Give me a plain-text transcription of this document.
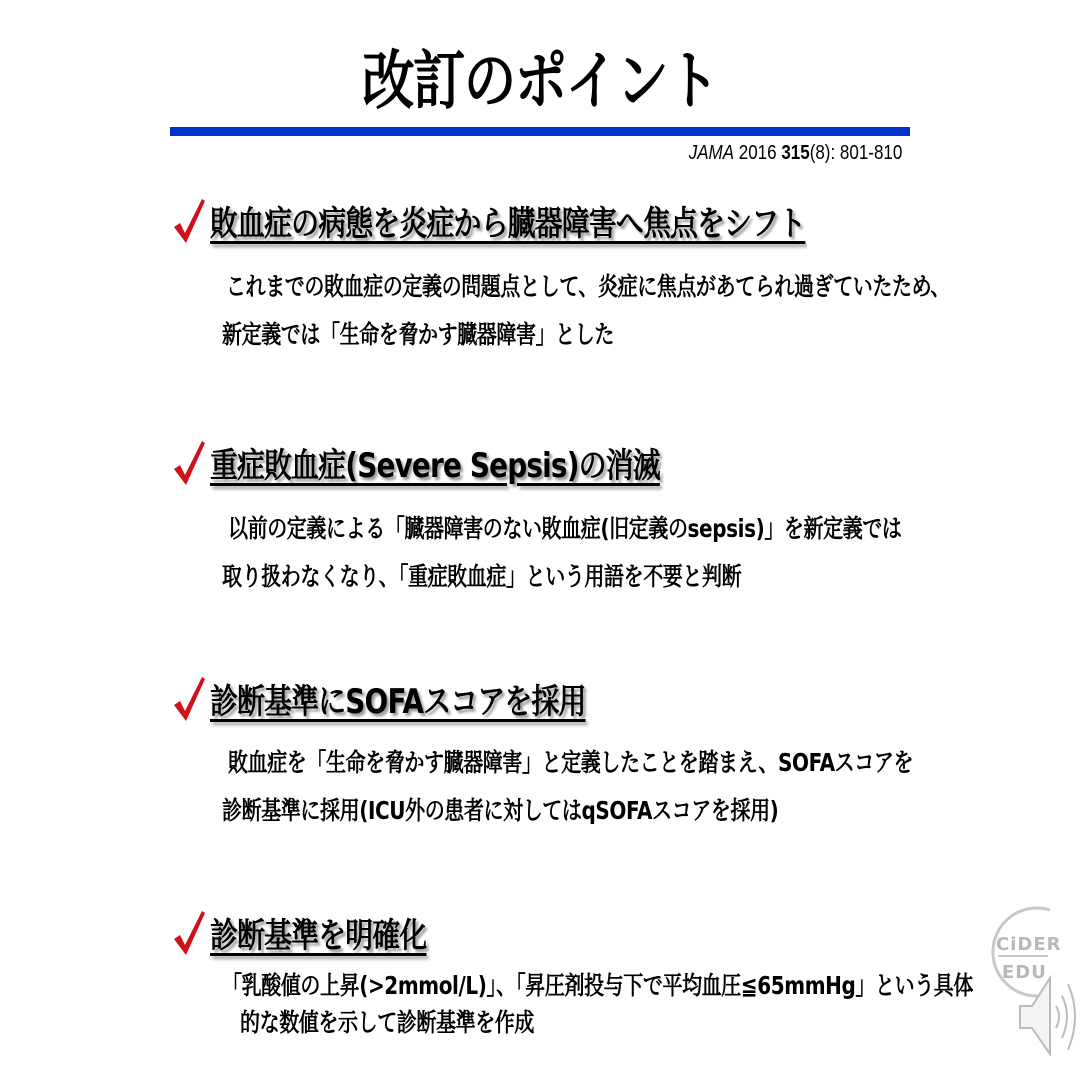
改訂のポイント
JAMA 2016 315(8): 801-810
敗血症の病態を炎症から臓器障害へ焦点をシフト
これまでの敗血症の定義の問題点として、炎症に焦点があてられ過ぎていたため、
新定義では「生命を脅かす臓器障害」とした
重症敗血症(Severe Sepsis)の消滅
以前の定義による「臓器障害のない敗血症(旧定義のsepsis)」を新定義では
取り扱わなくなり、「重症敗血症」という用語を不要と判断
診断基準にSOFAスコアを採用
敗血症を「生命を脅かす臓器障害」と定義したことを踏まえ、SOFAスコアを
診断基準に採用(ICU外の患者に対してはqSOFAスコアを採用)
診断基準を明確化
「乳酸値の上昇(>2mmol/L)」、「昇圧剤投与下で平均血圧≦65mmHg」という具体
的な数値を示して診断基準を作成
CiDER
EDU
